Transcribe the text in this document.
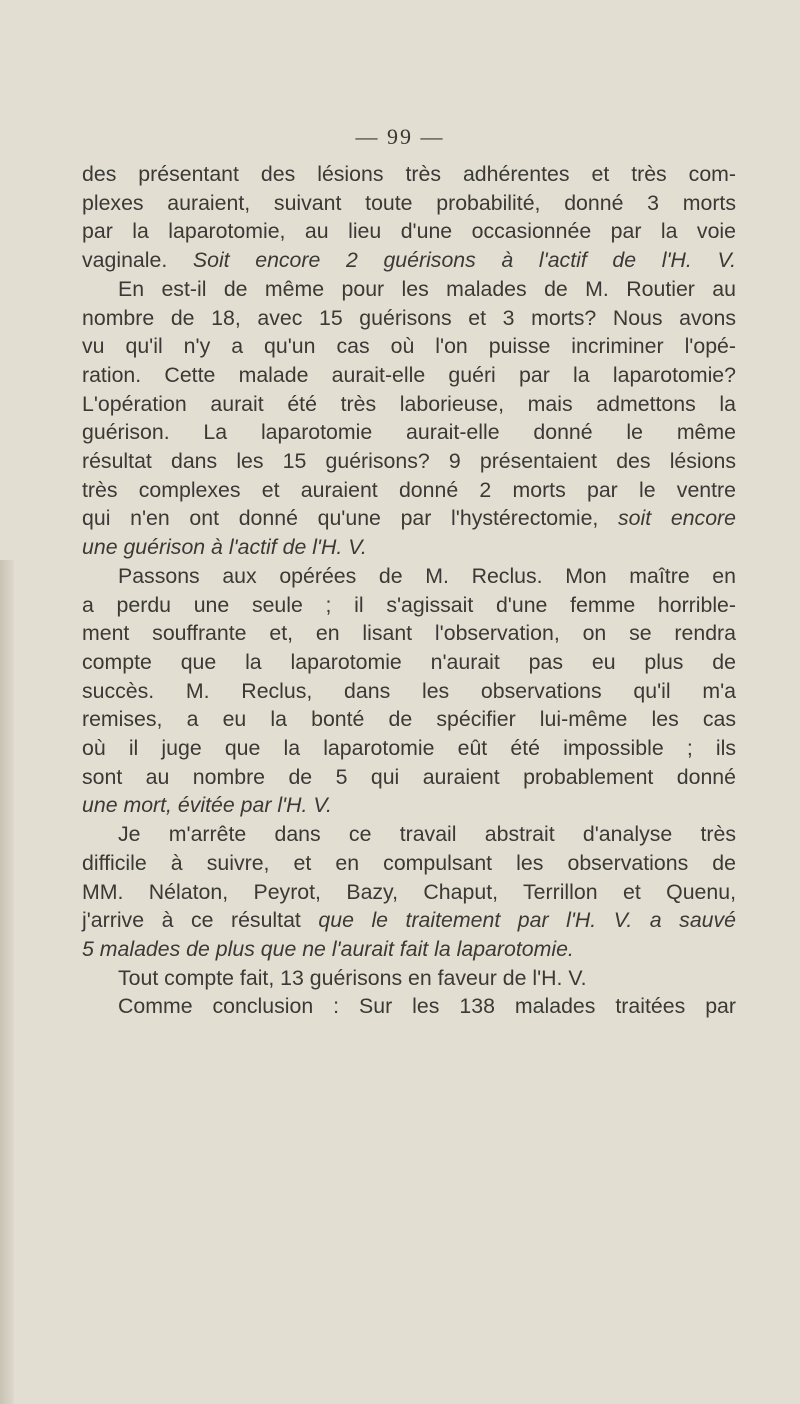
— 99 —
des présentant des lésions très adhérentes et très com-
plexes auraient, suivant toute probabilité, donné 3 morts
par la laparotomie, au lieu d'une occasionnée par la voie
vaginale. Soit encore 2 guérisons à l'actif de l'H. V.
En est-il de même pour les malades de M. Routier au
nombre de 18, avec 15 guérisons et 3 morts? Nous avons
vu qu'il n'y a qu'un cas où l'on puisse incriminer l'opé-
ration. Cette malade aurait-elle guéri par la laparotomie?
L'opération aurait été très laborieuse, mais admettons la
guérison. La laparotomie aurait-elle donné le même
résultat dans les 15 guérisons? 9 présentaient des lésions
très complexes et auraient donné 2 morts par le ventre
qui n'en ont donné qu'une par l'hystérectomie, soit encore
une guérison à l'actif de l'H. V.
Passons aux opérées de M. Reclus. Mon maître en
a perdu une seule ; il s'agissait d'une femme horrible-
ment souffrante et, en lisant l'observation, on se rendra
compte que la laparotomie n'aurait pas eu plus de
succès. M. Reclus, dans les observations qu'il m'a
remises, a eu la bonté de spécifier lui-même les cas
où il juge que la laparotomie eût été impossible ; ils
sont au nombre de 5 qui auraient probablement donné
une mort, évitée par l'H. V.
Je m'arrête dans ce travail abstrait d'analyse très
difficile à suivre, et en compulsant les observations de
MM. Nélaton, Peyrot, Bazy, Chaput, Terrillon et Quenu,
j'arrive à ce résultat que le traitement par l'H. V. a sauvé
5 malades de plus que ne l'aurait fait la laparotomie.
Tout compte fait, 13 guérisons en faveur de l'H. V.
Comme conclusion : Sur les 138 malades traitées par
